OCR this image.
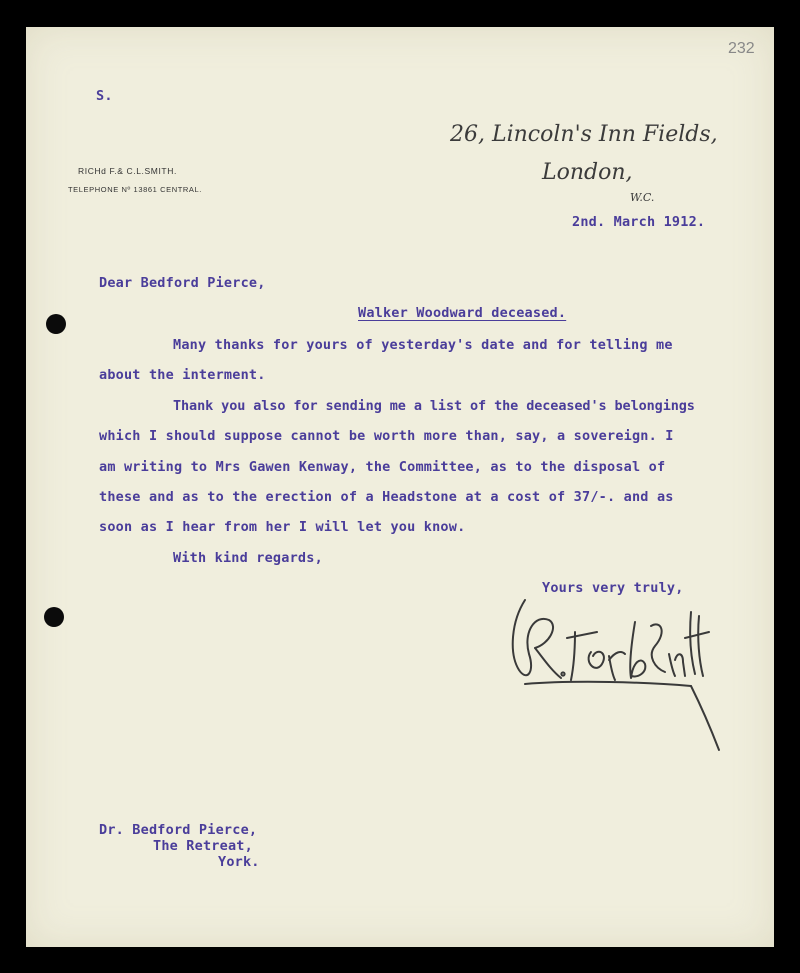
232
S.
RICHd F.& C.L.SMITH.
TELEPHONE Nº 13861 CENTRAL.
26, Lincoln's Inn Fields,
London,
W.C.
2nd. March 1912.
Dear Bedford Pierce,
Walker Woodward deceased.
Many thanks for yours of yesterday's date and for telling me
about the interment.
Thank you also for sending me a list of the deceased's belongings
which I should suppose cannot be worth more than, say, a sovereign. I
am writing to Mrs Gawen Kenway, the Committee, as to the disposal of
these and as to the erection of a Headstone at a cost of 37/-. and as
soon as I hear from her I will let you know.
With kind regards,
Yours very truly,
Dr. Bedford Pierce,
The Retreat,
York.
